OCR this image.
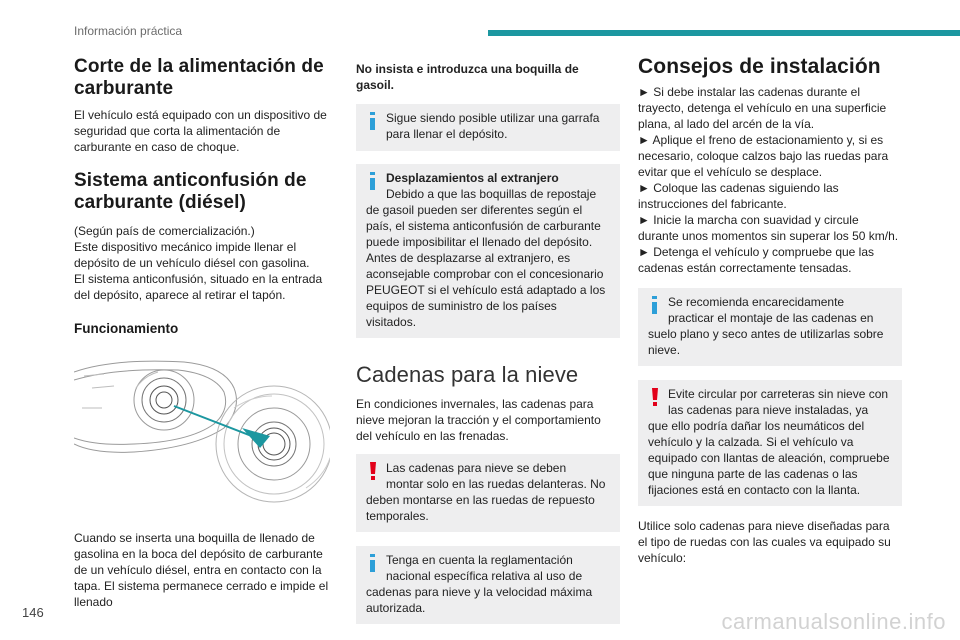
Información práctica
Corte de la alimentación de carburante

El vehículo está equipado con un dispositivo de seguridad que corta la alimentación de carburante en caso de choque.

Sistema anticonfusión de carburante (diésel)

(Según país de comercialización.)
Este dispositivo mecánico impide llenar el depósito de un vehículo diésel con gasolina.
El sistema anticonfusión, situado en la entrada del depósito, aparece al retirar el tapón.

Funcionamiento

Cuando se inserta una boquilla de llenado de gasolina en la boca del depósito de carburante de un vehículo diésel, entra en contacto con la tapa. El sistema permanece cerrado e impide el llenado

No insista e introduzca una boquilla de gasoil.

Sigue siendo posible utilizar una garrafa para llenar el depósito.
Desplazamientos al extranjero
Debido a que las boquillas de repostaje
de gasoil pueden ser diferentes según el país, el sistema anticonfusión de carburante puede imposibilitar el llenado del depósito.
Antes de desplazarse al extranjero, es aconsejable comprobar con el concesionario PEUGEOT si el vehículo está adaptado a los equipos de suministro de los países visitados.
Cadenas para la nieve

En condiciones invernales, las cadenas para nieve mejoran la tracción y el comportamiento del vehículo en las frenadas.

Las cadenas para nieve se deben
montar solo en las ruedas delanteras. No
deben montarse en las ruedas de repuesto temporales.
Tenga en cuenta la reglamentación
nacional específica relativa al uso de
cadenas para nieve y la velocidad máxima autorizada.
Consejos de instalación

► Si debe instalar las cadenas durante el trayecto, detenga el vehículo en una superficie plana, al lado del arcén de la vía.

► Aplique el freno de estacionamiento y, si es necesario, coloque calzos bajo las ruedas para evitar que el vehículo se desplace.

► Coloque las cadenas siguiendo las instrucciones del fabricante.

► Inicie la marcha con suavidad y circule durante unos momentos sin superar los 50 km/h.

► Detenga el vehículo y compruebe que las cadenas están correctamente tensadas.

Se recomienda encarecidamente
practicar el montaje de las cadenas en
suelo plano y seco antes de utilizarlas sobre nieve.
Evite circular por carreteras sin nieve con
las cadenas para nieve instaladas, ya
que ello podría dañar los neumáticos del vehículo y la calzada. Si el vehículo va equipado con llantas de aleación, compruebe que ninguna parte de las cadenas o las fijaciones está en contacto con la llanta.

Utilice solo cadenas para nieve diseñadas para el tipo de ruedas con las cuales va equipado su vehículo:

146	carmanualsonline.info
